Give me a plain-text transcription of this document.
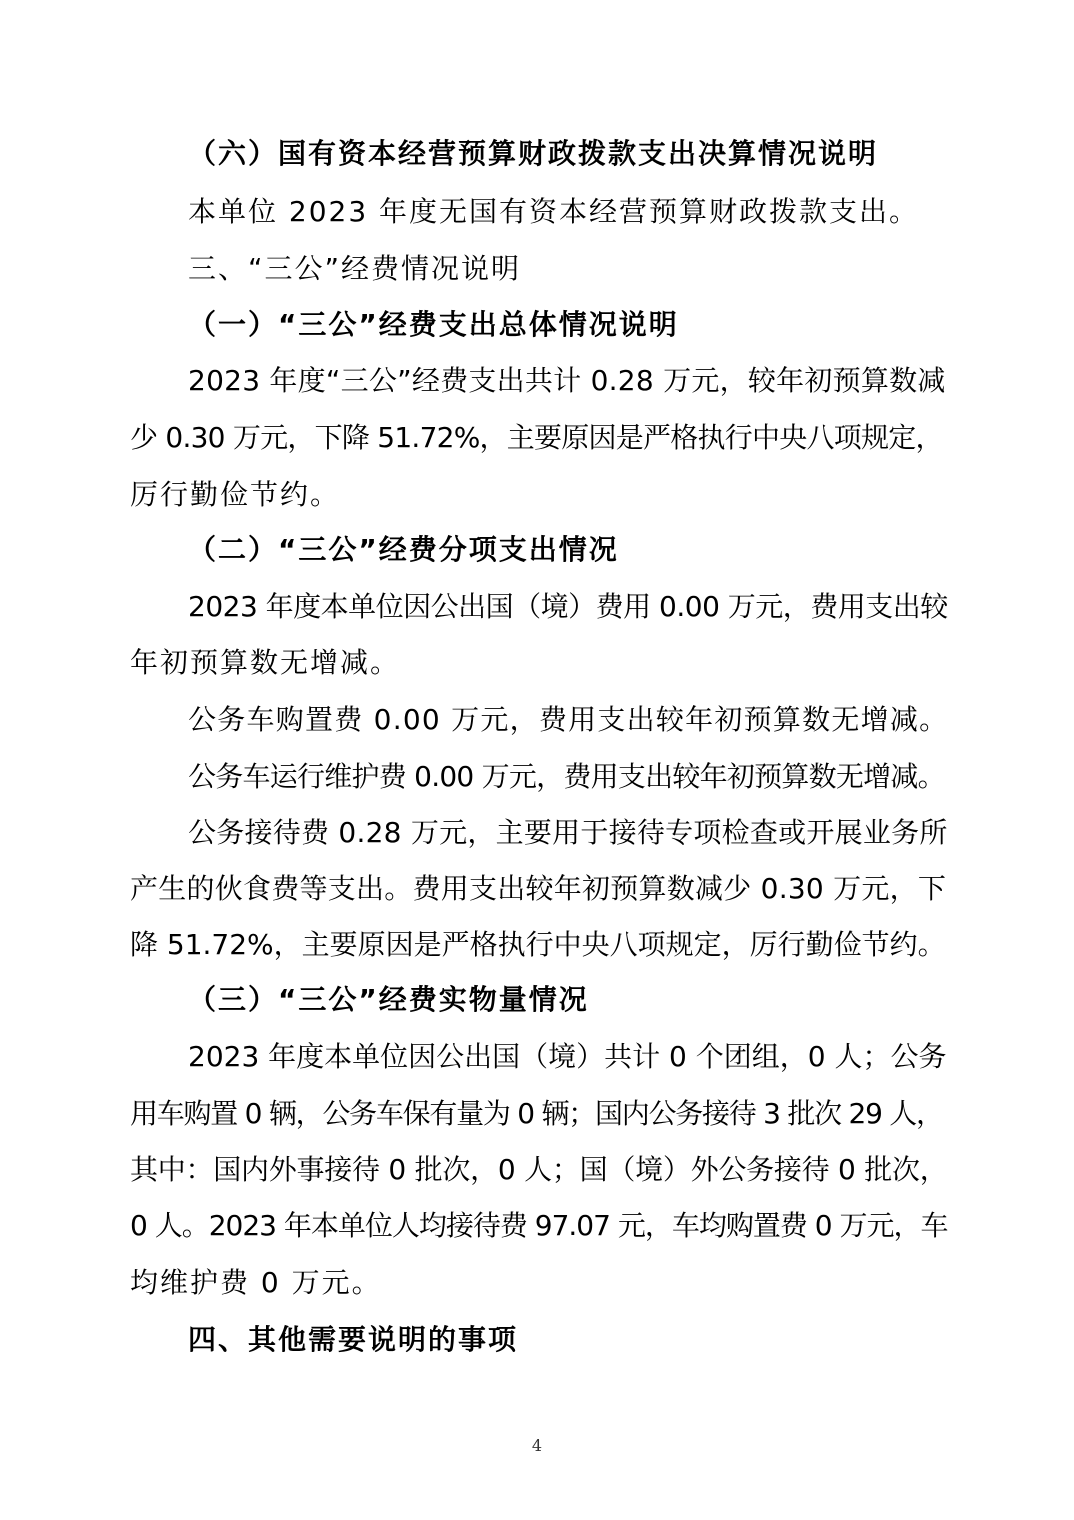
（六）国有资本经营预算财政拨款支出决算情况说明
本单位 2023 年度无国有资本经营预算财政拨款支出。
三、“三公”经费情况说明
（一）“三公”经费支出总体情况说明
2023 年度“三公”经费支出共计 0.28 万元，较年初预算数减
少 0.30 万元，下降 51.72%，主要原因是严格执行中央八项规定，
厉行勤俭节约。
（二）“三公”经费分项支出情况
2023 年度本单位因公出国（境）费用 0.00 万元，费用支出较
年初预算数无增减。
公务车购置费 0.00 万元，费用支出较年初预算数无增减。
公务车运行维护费 0.00 万元，费用支出较年初预算数无增减。
公务接待费 0.28 万元，主要用于接待专项检查或开展业务所
产生的伙食费等支出。费用支出较年初预算数减少 0.30 万元，下
降 51.72%，主要原因是严格执行中央八项规定，厉行勤俭节约。
（三）“三公”经费实物量情况
2023 年度本单位因公出国（境）共计 0 个团组，0 人；公务
用车购置 0 辆，公务车保有量为 0 辆；国内公务接待 3 批次 29 人，
其中：国内外事接待 0 批次，0 人；国（境）外公务接待 0 批次，
0 人。2023 年本单位人均接待费 97.07 元，车均购置费 0 万元，车
均维护费 0 万元。
四、其他需要说明的事项
4
